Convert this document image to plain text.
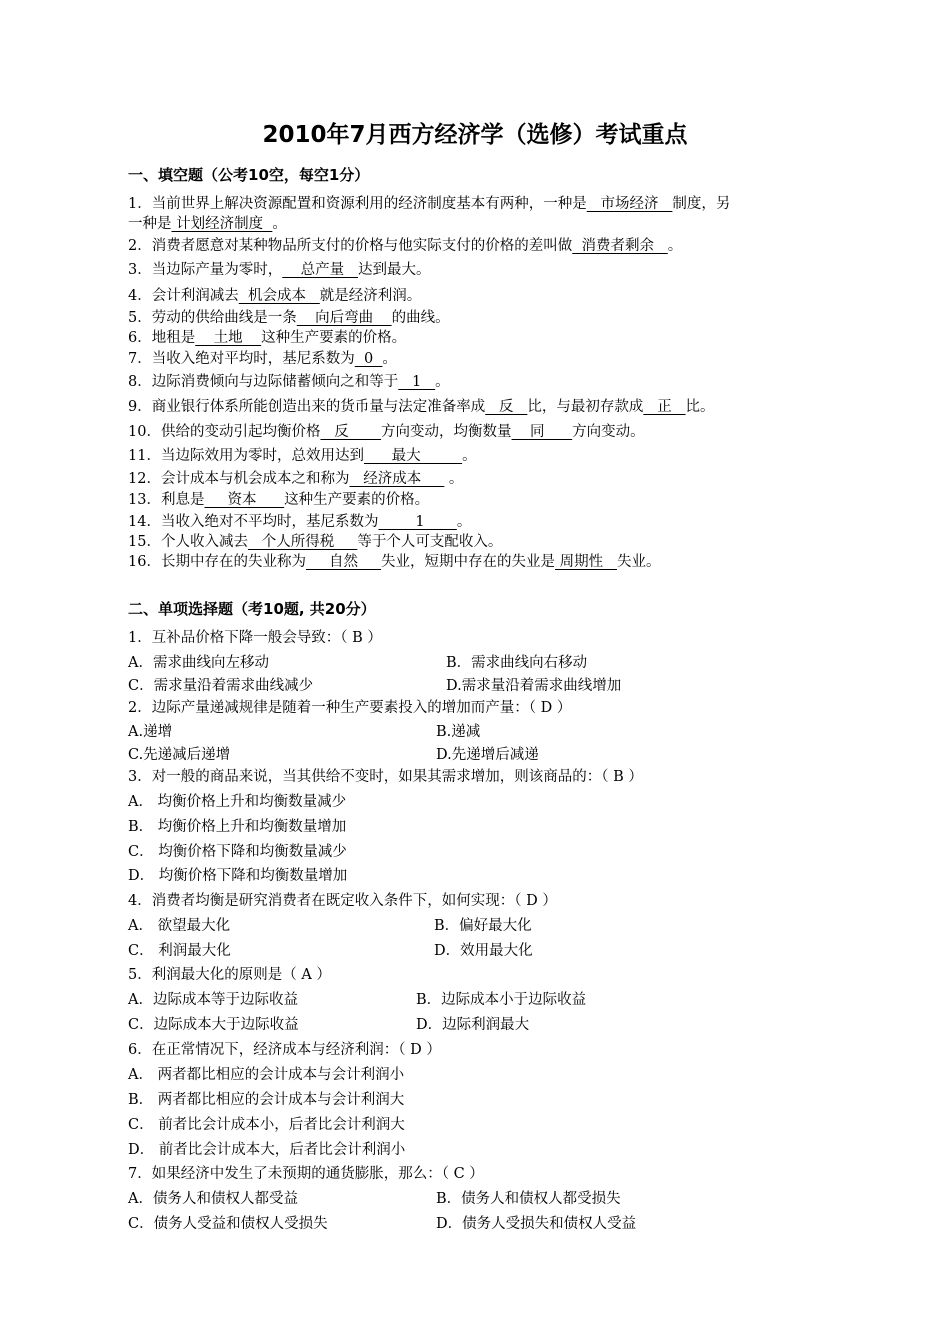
2010年7月西方经济学（选修）考试重点
一、填空题（公考10空，每空1分）
1．当前世界上解决资源配置和资源利用的经济制度基本有两种，一种是   市场经济   制度，另
一种是 计划经济制度  。
2．消费者愿意对某种物品所支付的价格与他实际支付的价格的差叫做  消费者剩余   。
3．当边际产量为零时，    总产量   达到最大。
4．会计利润减去  机会成本   就是经济利润。
5．劳动的供给曲线是一条    向后弯曲    的曲线。
6．地租是    土地    这种生产要素的价格。
7．当收入绝对平均时，基尼系数为  0  。
8．边际消费倾向与边际储蓄倾向之和等于   1   。
9．商业银行体系所能创造出来的货币量与法定准备率成   反   比，与最初存款成   正   比。
10．供给的变动引起均衡价格   反       方向变动，均衡数量    同      方向变动。
11．当边际效用为零时，总效用达到      最大         。
12．会计成本与机会成本之和称为   经济成本      。
13．利息是     资本      这种生产要素的价格。
14．当收入绝对不平均时，基尼系数为        1       。
15．个人收入减去   个人所得税     等于个人可支配收入。
16．长期中存在的失业称为     自然     失业，短期中存在的失业是 周期性   失业。
二、单项选择题（考10题, 共20分）
1．互补品价格下降一般会导致：（ B ）
A．需求曲线向左移动	B．需求曲线向右移动
C．需求量沿着需求曲线减少	D.需求量沿着需求曲线增加
2．边际产量递减规律是随着一种生产要素投入的增加而产量：（ D ）
A.递增	B.递减
C.先递减后递增	D.先递增后减递
3．对一般的商品来说，当其供给不变时，如果其需求增加，则该商品的：（ B ）
A． 均衡价格上升和均衡数量减少
B． 均衡价格上升和均衡数量增加
C． 均衡价格下降和均衡数量减少
D． 均衡价格下降和均衡数量增加
4．消费者均衡是研究消费者在既定收入条件下，如何实现：（ D ）
A． 欲望最大化	B．偏好最大化
C． 利润最大化	D．效用最大化
5．利润最大化的原则是（ A ）
A．边际成本等于边际收益	B．边际成本小于边际收益
C．边际成本大于边际收益	D．边际利润最大
6．在正常情况下，经济成本与经济利润：（ D ）
A． 两者都比相应的会计成本与会计利润小
B． 两者都比相应的会计成本与会计利润大
C． 前者比会计成本小，后者比会计利润大
D． 前者比会计成本大，后者比会计利润小
7．如果经济中发生了未预期的通货膨胀，那么：（ C ）
A．债务人和债权人都受益	B．债务人和债权人都受损失
C．债务人受益和债权人受损失	D．债务人受损失和债权人受益
